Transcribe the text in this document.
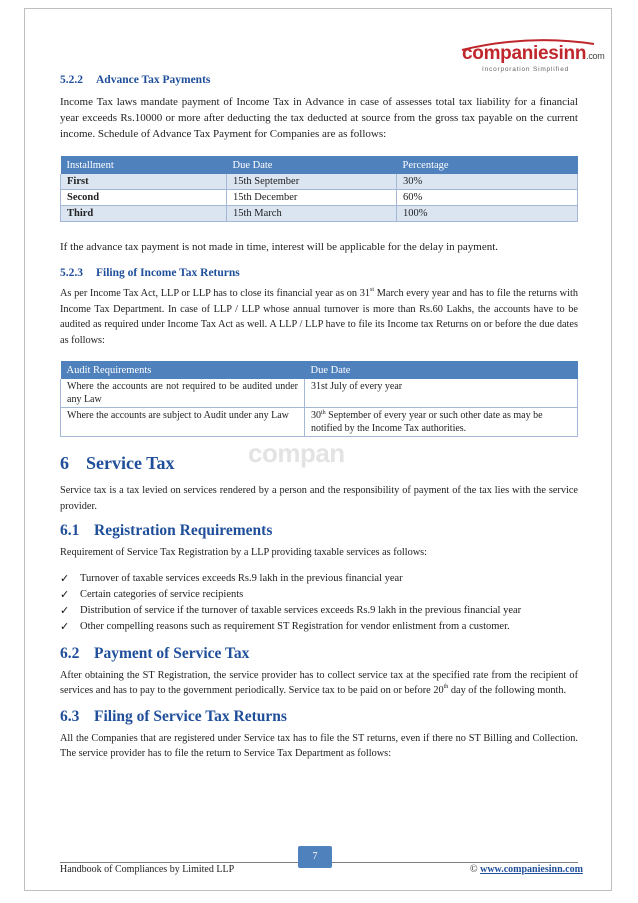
companiesinn.com
Incorporation Simplified
compan
5.2.2 Advance Tax Payments

Income Tax laws mandate payment of Income Tax in Advance in case of assesses total tax liability for a financial year exceeds Rs.10000 or more after deducting the tax deducted at source from the gross tax payable on the current income. Schedule of Advance Tax Payment for Companies are as follows:

Installment	Due Date	Percentage
First	15th September	30%
Second	15th December	60%
Third	15th March	100%

If the advance tax payment is not made in time, interest will be applicable for the delay in payment.

5.2.3 Filing of Income Tax Returns

As per Income Tax Act, LLP or LLP has to close its financial year as on 31st March every year and has to file the returns with Income Tax Department. In case of LLP / LLP whose annual turnover is more than Rs.60 Lakhs, the accounts have to be audited as required under Income Tax Act as well. A LLP / LLP have to file its Income tax Returns on or before the due dates as follows:

Audit Requirements	Due Date
Where the accounts are not required to be audited under any Law	31st July of every year
Where the accounts are subject to Audit under any Law	30th September of every year or such other date as may be notified by the Income Tax authorities.
6 Service Tax

Service tax is a tax levied on services rendered by a person and the responsibility of payment of the tax lies with the service provider.

6.1 Registration Requirements

Requirement of Service Tax Registration by a LLP providing taxable services as follows:

✓ Turnover of taxable services exceeds Rs.9 lakh in the previous financial year
✓ Certain categories of service recipients
✓ Distribution of service if the turnover of taxable services exceeds Rs.9 lakh in the previous financial year
✓ Other compelling reasons such as requirement ST Registration for vendor enlistment from a customer.
6.2 Payment of Service Tax

After obtaining the ST Registration, the service provider has to collect service tax at the specified rate from the recipient of services and has to pay to the government periodically. Service tax to be paid on or before 20th day of the following month.

6.3 Filing of Service Tax Returns

All the Companies that are registered under Service tax has to file the ST returns, even if there no ST Billing and Collection. The service provider has to file the return to Service Tax Department as follows:

7
Handbook of Compliances by Limited LLP	© www.companiesinn.com
